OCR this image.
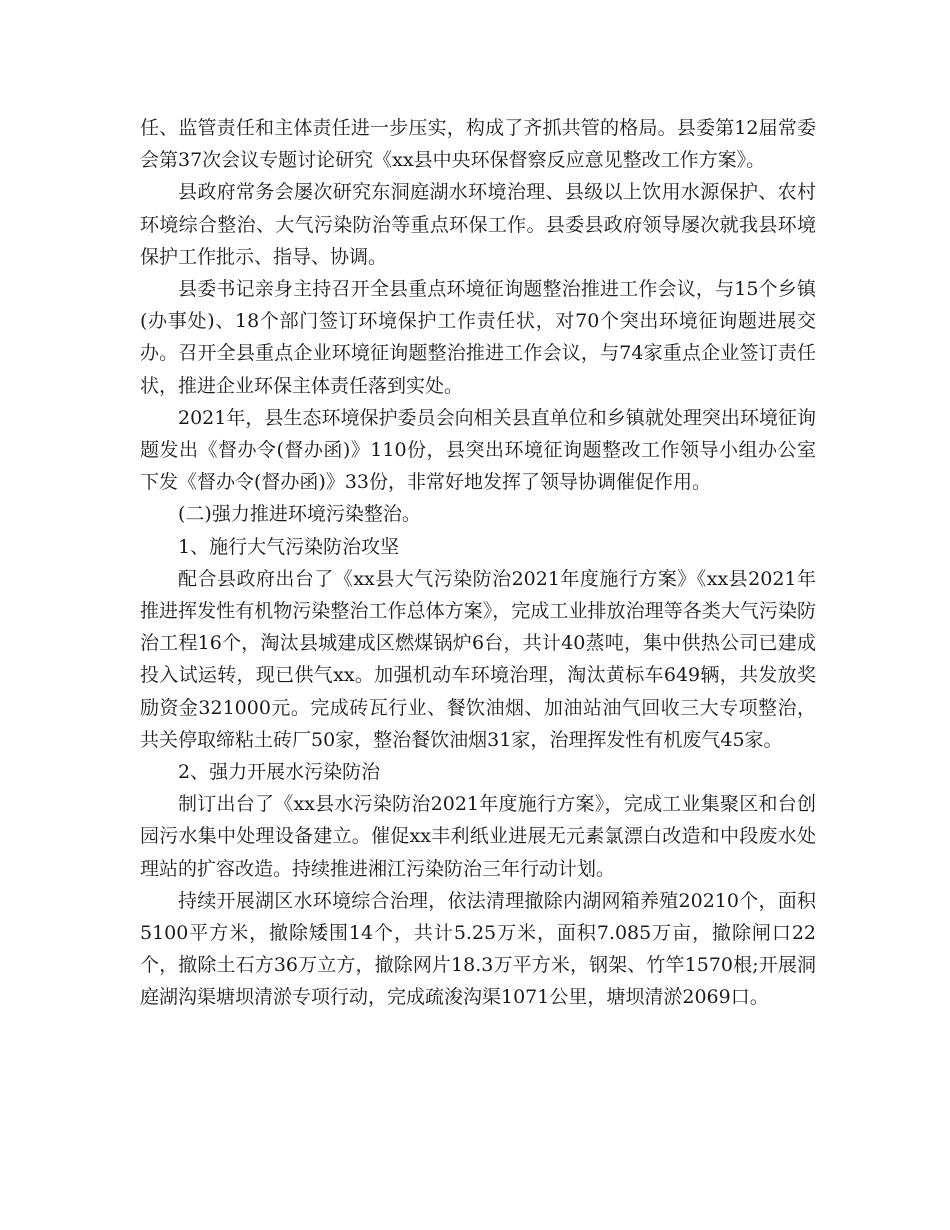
任、监管责任和主体责任进一步压实，构成了齐抓共管的格局。县委第12届常委会第37次会议专题讨论研究《xx县中央环保督察反应意见整改工作方案》。

县政府常务会屡次研究东洞庭湖水环境治理、县级以上饮用水源保护、农村环境综合整治、大气污染防治等重点环保工作。县委县政府领导屡次就我县环境保护工作批示、指导、协调。

县委书记亲身主持召开全县重点环境征询题整治推进工作会议，与15个乡镇(办事处)、18个部门签订环境保护工作责任状，对70个突出环境征询题进展交办。召开全县重点企业环境征询题整治推进工作会议，与74家重点企业签订责任状，推进企业环保主体责任落到实处。

2021年，县生态环境保护委员会向相关县直单位和乡镇就处理突出环境征询题发出《督办令(督办函)》110份，县突出环境征询题整改工作领导小组办公室下发《督办令(督办函)》33份，非常好地发挥了领导协调催促作用。

(二)强力推进环境污染整治。

1、施行大气污染防治攻坚

配合县政府出台了《xx县大气污染防治2021年度施行方案》《xx县2021年推进挥发性有机物污染整治工作总体方案》，完成工业排放治理等各类大气污染防治工程16个，淘汰县城建成区燃煤锅炉6台，共计40蒸吨，集中供热公司已建成投入试运转，现已供气xx。加强机动车环境治理，淘汰黄标车649辆，共发放奖励资金321000元。完成砖瓦行业、餐饮油烟、加油站油气回收三大专项整治，共关停取缔粘土砖厂50家，整治餐饮油烟31家，治理挥发性有机废气45家。

2、强力开展水污染防治

制订出台了《xx县水污染防治2021年度施行方案》，完成工业集聚区和台创园污水集中处理设备建立。催促xx丰利纸业进展无元素氯漂白改造和中段废水处理站的扩容改造。持续推进湘江污染防治三年行动计划。

持续开展湖区水环境综合治理，依法清理撤除内湖网箱养殖20210个，面积5100平方米，撤除矮围14个，共计5.25万米，面积7.085万亩，撤除闸口22个，撤除土石方36万立方，撤除网片18.3万平方米，钢架、竹竿1570根;开展洞庭湖沟渠塘坝清淤专项行动，完成疏浚沟渠1071公里，塘坝清淤2069口。
